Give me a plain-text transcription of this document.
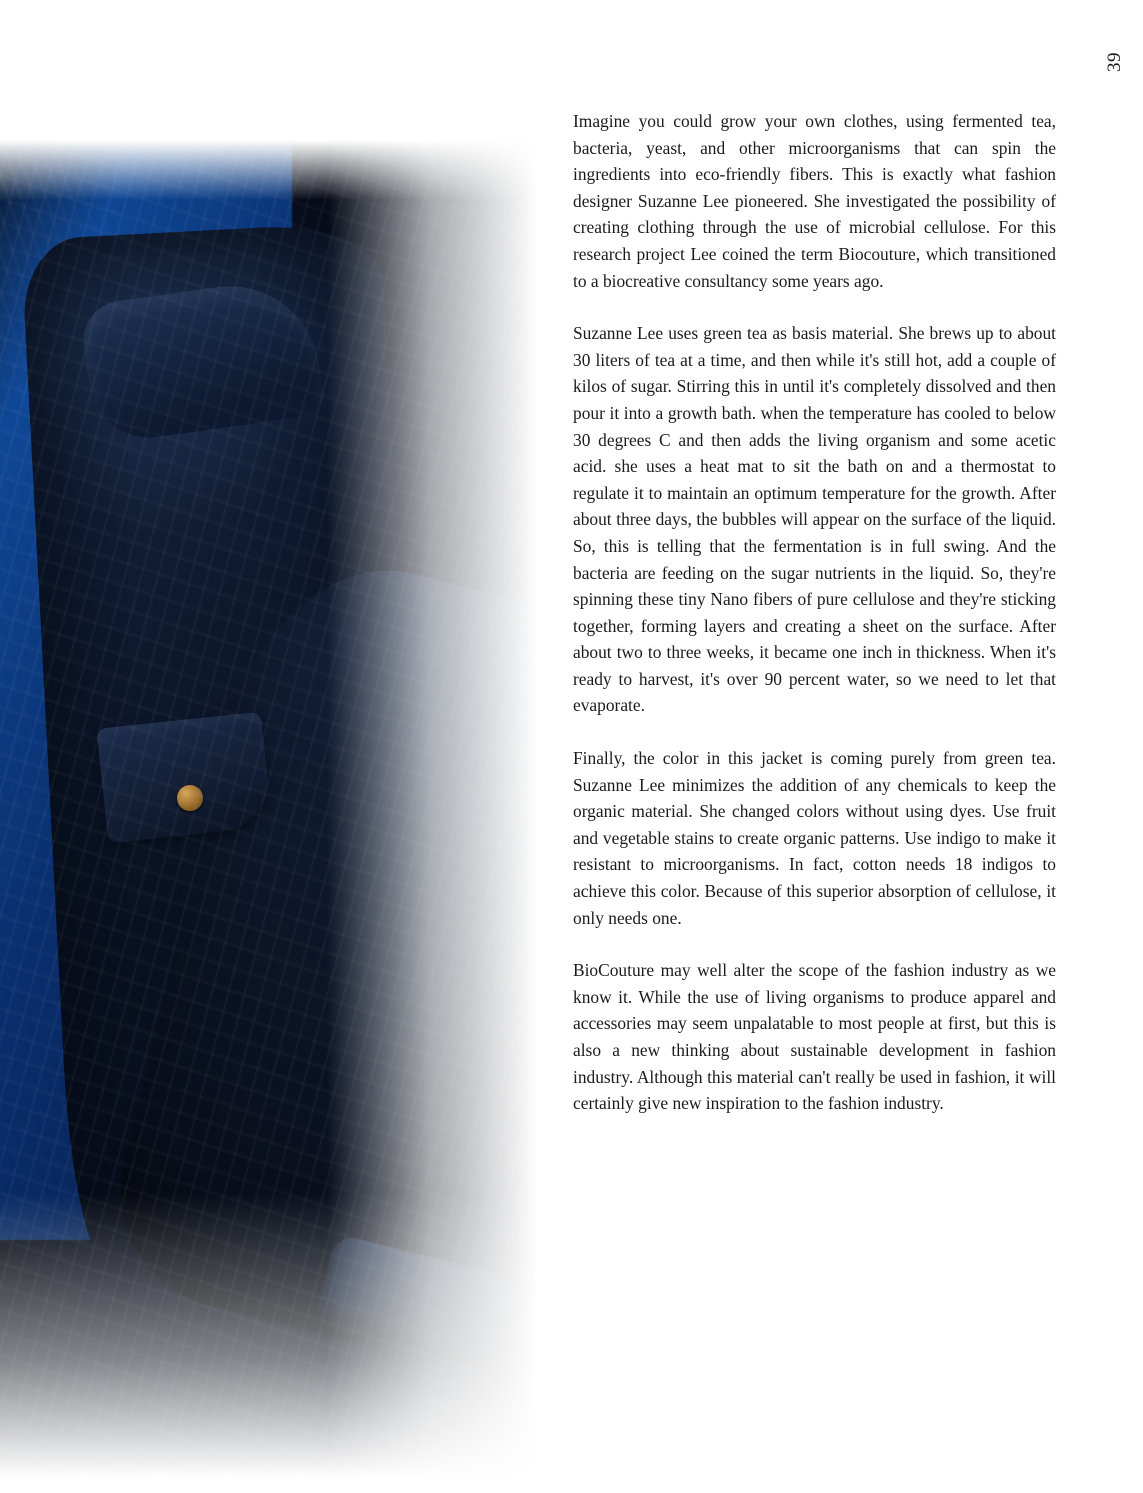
39

Imagine you could grow your own clothes, using fermented tea, bacteria, yeast, and other microorganisms that can spin the ingredients into eco-friendly fibers. This is exactly what fashion designer Suzanne Lee pioneered. She investigated the possibility of creating clothing through the use of microbial cellulose. For this research project Lee coined the term Biocouture, which transitioned to a biocreative consultancy some years ago.

Suzanne Lee uses green tea as basis material. She brews up to about 30 liters of tea at a time, and then while it's still hot, add a couple of kilos of sugar. Stirring this in until it's completely dissolved and then pour it into a growth bath. when the temperature has cooled to below 30 degrees C and then adds the living organism and some acetic acid. she uses a heat mat to sit the bath on and a thermostat to regulate it to maintain an optimum temperature for the growth. After about three days, the bubbles will appear on the surface of the liquid. So, this is telling that the fermentation is in full swing. And the bacteria are feeding on the sugar nutrients in the liquid. So, they're spinning these tiny Nano fibers of pure cellulose and they're sticking together, forming layers and creating a sheet on the surface. After about two to three weeks, it became one inch in thickness. When it's ready to harvest, it's over 90 percent water, so we need to let that evaporate.

Finally, the color in this jacket is coming purely from green tea. Suzanne Lee minimizes the addition of any chemicals to keep the organic material. She changed colors without using dyes. Use fruit and vegetable stains to create organic patterns. Use indigo to make it resistant to microorganisms. In fact, cotton needs 18 indigos to achieve this color. Because of this superior absorption of cellulose, it only needs one.

BioCouture may well alter the scope of the fashion industry as we know it. While the use of living organisms to produce apparel and accessories may seem unpalatable to most people at first, but this is also a new thinking about sustainable development in fashion industry. Although this material can't really be used in fashion, it will certainly give new inspiration to the fashion industry.
